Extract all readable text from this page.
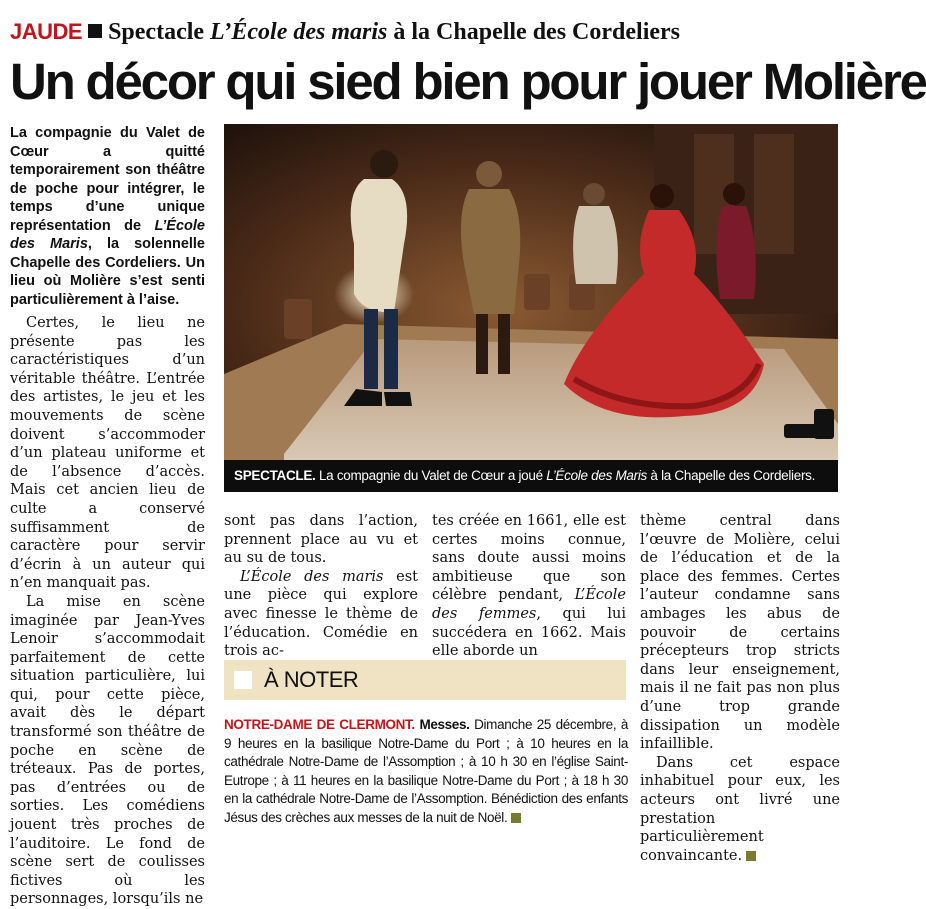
JAUDE Spectacle L’École des maris à la Chapelle des Cordeliers
Un décor qui sied bien pour jouer Molière
La compagnie du Valet de Cœur a quitté temporairement son théâtre de poche pour intégrer, le temps d’une unique représentation de L’École des Maris, la solennelle Chapelle des Cordeliers. Un lieu où Molière s’est senti particulièrement à l’aise.

Certes, le lieu ne présente pas les caractéristiques d’un véritable théâtre. L’entrée des artistes, le jeu et les mouvements de scène doivent s’accommoder d’un plateau uniforme et de l’absence d’accès. Mais cet ancien lieu de culte a conservé suffisamment de caractère pour servir d’écrin à un auteur qui n’en manquait pas.

La mise en scène imaginée par Jean-Yves Lenoir s’accommodait parfaitement de cette situation particulière, lui qui, pour cette pièce, avait dès le départ transformé son théâtre de poche en scène de tréteaux. Pas de portes, pas d’entrées ou de sorties. Les comédiens jouent très proches de l’auditoire. Le fond de scène sert de coulisses fictives où les personnages, lorsqu’ils ne

SPECTACLE. La compagnie du Valet de Cœur a joué L’École des Maris à la Chapelle des Cordeliers.

sont pas dans l’action, prennent place au vu et au su de tous.

L’École des maris est une pièce qui explore avec finesse le thème de l’éducation. Comédie en trois ac-

tes créée en 1661, elle est certes moins connue, sans doute aussi moins ambitieuse que son célèbre pendant, L’École des femmes, qui lui succédera en 1662. Mais elle aborde un

thème central dans l’œuvre de Molière, celui de l’éducation et de la place des femmes. Certes l’auteur condamne sans ambages les abus de pouvoir de certains précepteurs trop stricts dans leur enseignement, mais il ne fait pas non plus d’une trop grande dissipation un modèle infaillible.

Dans cet espace inhabituel pour eux, les acteurs ont livré une prestation particulièrement convaincante.

À NOTER
NOTRE-DAME DE CLERMONT. Messes. Dimanche 25 décembre, à 9 heures en la basilique Notre-Dame du Port ; à 10 heures en la cathédrale Notre-Dame de l’Assomption ; à 10 h 30 en l’église Saint-Eutrope ; à 11 heures en la basilique Notre-Dame du Port ; à 18 h 30 en la cathédrale Notre-Dame de l’Assomption. Bénédiction des enfants Jésus des crèches aux messes de la nuit de Noël.
